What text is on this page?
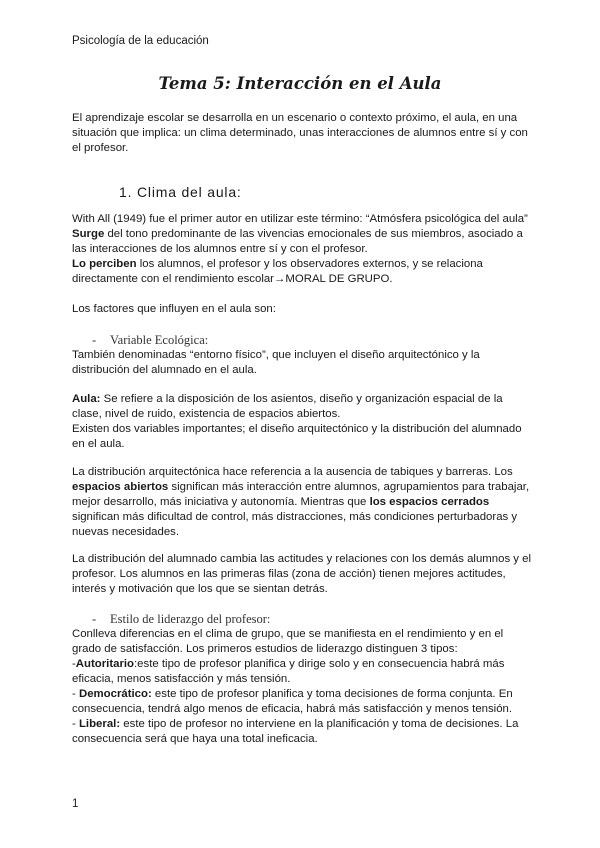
Psicología de la educación
Tema 5: Interacción en el Aula

El aprendizaje escolar se desarrolla en un escenario o contexto próximo, el aula, en una situación que implica: un clima determinado, unas interacciones de alumnos entre sí y con el profesor.

1. Clima del aula:
With All (1949) fue el primer autor en utilizar este término: “Atmósfera psicológica del aula”
Surge del tono predominante de las vivencias emocionales de sus miembros, asociado a las interacciones de los alumnos entre sí y con el profesor.
Lo perciben los alumnos, el profesor y los observadores externos, y se relaciona directamente con el rendimiento escolar→MORAL DE GRUPO.

Los factores que influyen en el aula son:

- Variable Ecológica:

También denominadas “entorno físico”, que incluyen el diseño arquitectónico y la distribución del alumnado en el aula.

Aula: Se refiere a la disposición de los asientos, diseño y organización espacial de la clase, nivel de ruido, existencia de espacios abiertos.
Existen dos variables importantes; el diseño arquitectónico y la distribución del alumnado en el aula.

La distribución arquitectónica hace referencia a la ausencia de tabiques y barreras. Los espacios abiertos significan más interacción entre alumnos, agrupamientos para trabajar, mejor desarrollo, más iniciativa y autonomía. Mientras que los espacios cerrados significan más dificultad de control, más distracciones, más condiciones perturbadoras y nuevas necesidades.

La distribución del alumnado cambia las actitudes y relaciones con los demás alumnos y el profesor. Los alumnos en las primeras filas (zona de acción) tienen mejores actitudes, interés y motivación que los que se sientan detrás.

- Estilo de liderazgo del profesor:
Conlleva diferencias en el clima de grupo, que se manifiesta en el rendimiento y en el grado de satisfacción. Los primeros estudios de liderazgo distinguen 3 tipos:
-Autoritario:este tipo de profesor planifica y dirige solo y en consecuencia habrá más eficacia, menos satisfacción y más tensión.
- Democrático: este tipo de profesor planifica y toma decisiones de forma conjunta. En consecuencia, tendrá algo menos de eficacia, habrá más satisfacción y menos tensión.
- Liberal: este tipo de profesor no interviene en la planificación y toma de decisiones. La consecuencia será que haya una total ineficacia.
1
